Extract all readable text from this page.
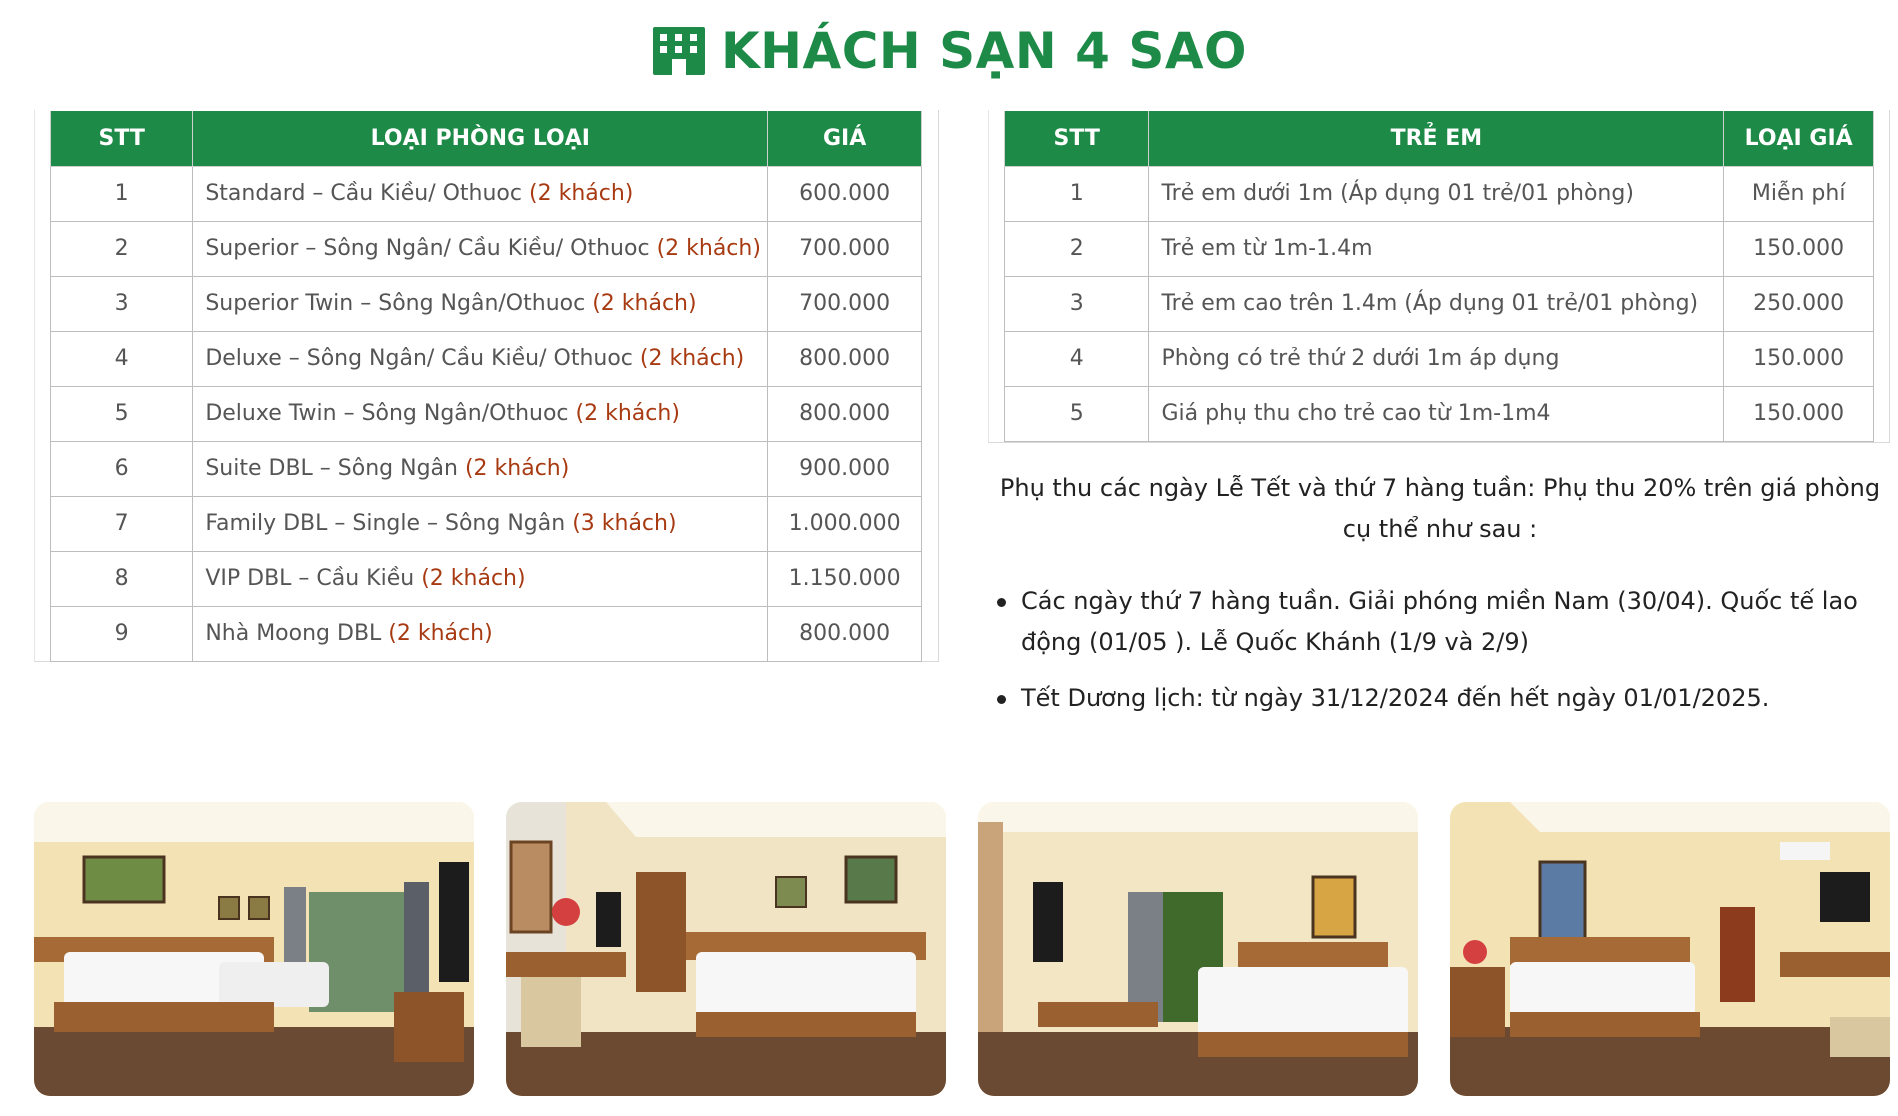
KHÁCH SẠN 4 SAO
STT	LOẠI PHÒNG LOẠI	GIÁ
1	Standard – Cầu Kiều/ Othuoc (2 khách)	600.000
2	Superior – Sông Ngân/ Cầu Kiều/ Othuoc (2 khách)	700.000
3	Superior Twin – Sông Ngân/Othuoc (2 khách)	700.000
4	Deluxe – Sông Ngân/ Cầu Kiều/ Othuoc (2 khách)	800.000
5	Deluxe Twin – Sông Ngân/Othuoc (2 khách)	800.000
6	Suite DBL – Sông Ngân (2 khách)	900.000
7	Family DBL – Single – Sông Ngân (3 khách)	1.000.000
8	VIP DBL – Cầu Kiều (2 khách)	1.150.000
9	Nhà Moong DBL (2 khách)	800.000
STT	TRẺ EM	LOẠI GIÁ
1	Trẻ em dưới 1m (Áp dụng 01 trẻ/01 phòng)	Miễn phí
2	Trẻ em từ 1m-1.4m	150.000
3	Trẻ em cao trên 1.4m (Áp dụng 01 trẻ/01 phòng)	250.000
4	Phòng có trẻ thứ 2 dưới 1m áp dụng	150.000
5	Giá phụ thu cho trẻ cao từ 1m-1m4	150.000

Phụ thu các ngày Lễ Tết và thứ 7 hàng tuần: Phụ thu 20% trên giá phòng cụ thể như sau :

Các ngày thứ 7 hàng tuần. Giải phóng miền Nam (30/04). Quốc tế lao động (01/05 ). Lễ Quốc Khánh (1/9 và 2/9)
Tết Dương lịch: từ ngày 31/12/2024 đến hết ngày 01/01/2025.
